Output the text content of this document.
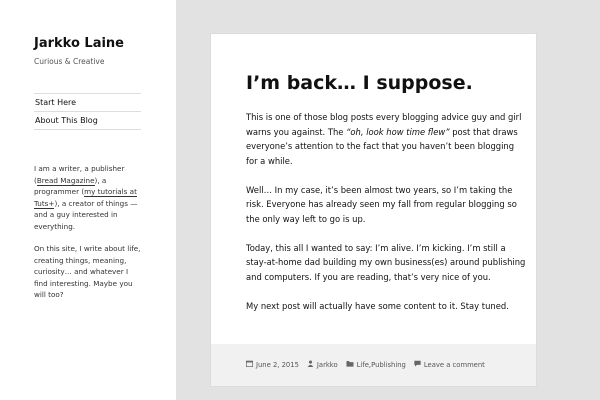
Jarkko Laine
Curious & Creative
Start Here
About This Blog

I am a writer, a publisher (Bread Magazine), a programmer (my tutorials at Tuts+), a creator of things — and a guy interested in everything.

On this site, I write about life, creating things, meaning, curiosity… and whatever I find interesting. Maybe you will too?

I’m back… I suppose.

This is one of those blog posts every blogging advice guy and girl warns you against. The “oh, look how time flew” post that draws everyone’s attention to the fact that you haven’t been blogging for a while.

Well… In my case, it’s been almost two years, so I’m taking the risk. Everyone has already seen my fall from regular blogging so the only way left to go is up.

Today, this all I wanted to say: I’m alive. I’m kicking. I’m still a stay-at-home dad building my own business(es) around publishing and computers. If you are reading, that’s very nice of you.

My next post will actually have some content to it. Stay tuned.

June 2, 2015	Jarkko	Life , Publishing	Leave a comment
